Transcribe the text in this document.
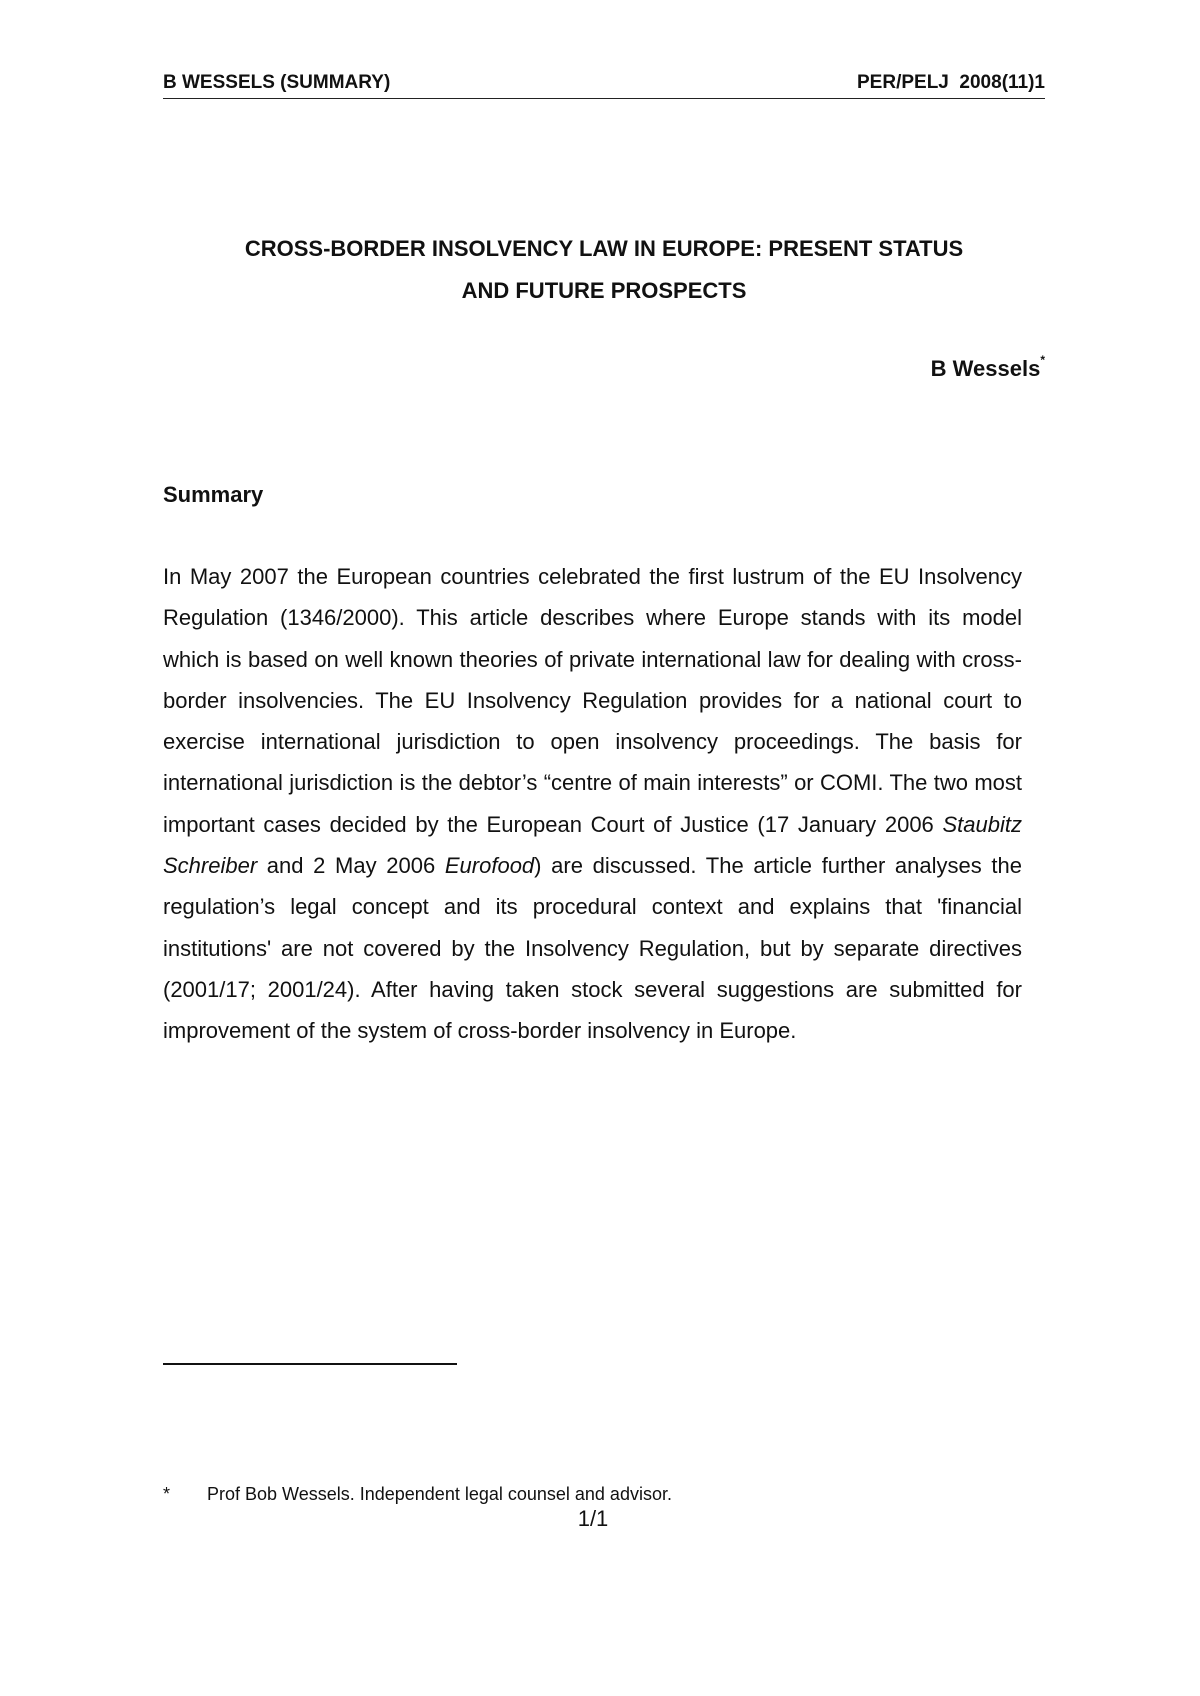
B WESSELS (SUMMARY)	PER/PELJ  2008(11)1
CROSS-BORDER INSOLVENCY LAW IN EUROPE: PRESENT STATUS
AND FUTURE PROSPECTS
B Wessels*
Summary

In May 2007 the European countries celebrated the first lustrum of the EU Insolvency Regulation (1346/2000). This article describes where Europe stands with its model which is based on well known theories of private international law for dealing with cross-border insolvencies. The EU Insolvency Regulation provides for a national court to exercise international jurisdiction to open insolvency proceedings. The basis for international jurisdiction is the debtor’s “centre of main interests” or COMI. The two most important cases decided by the European Court of Justice (17 January 2006 Staubitz Schreiber and 2 May 2006 Eurofood) are discussed. The article further analyses the regulation’s legal concept and its procedural context and explains that 'financial institutions' are not covered by the Insolvency Regulation, but by separate directives (2001/17; 2001/24). After having taken stock several suggestions are submitted for improvement of the system of cross-border insolvency in Europe.

* Prof Bob Wessels. Independent legal counsel and advisor.
1/1
